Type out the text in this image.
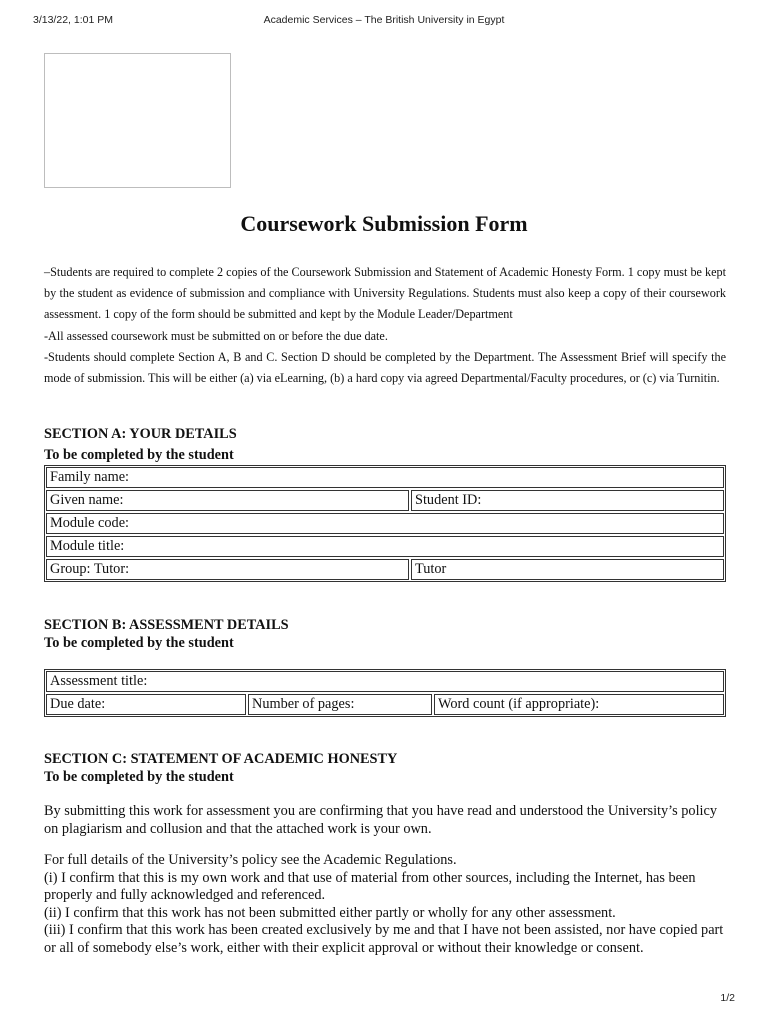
3/13/22, 1:01 PM	Academic Services – The British University in Egypt
Coursework Submission Form

–Students are required to complete 2 copies of the Coursework Submission and Statement of Academic Honesty Form. 1 copy must be kept by the student as evidence of submission and compliance with University Regulations. Students must also keep a copy of their coursework assessment. 1 copy of the form should be submitted and kept by the Module Leader/Department

-All assessed coursework must be submitted on or before the due date.

-Students should complete Section A, B and C. Section D should be completed by the Department. The Assessment Brief will specify the mode of submission. This will be either (a) via eLearning, (b) a hard copy via agreed Departmental/Faculty procedures, or (c) via Turnitin.

SECTION A: YOUR DETAILS
To be completed by the student
Family name:
Given name:	Student ID:
Module code:
Module title:
Group: Tutor:	Tutor
SECTION B: ASSESSMENT DETAILS
To be completed by the student
Assessment title:
Due date:	Number of pages:	Word count (if appropriate):
SECTION C: STATEMENT OF ACADEMIC HONESTY
To be completed by the student

By submitting this work for assessment you are confirming that you have read and understood the University’s policy on plagiarism and collusion and that the attached work is your own.

For full details of the University’s policy see the Academic Regulations.

(i) I confirm that this is my own work and that use of material from other sources, including the Internet, has been properly and fully acknowledged and referenced.

(ii) I confirm that this work has not been submitted either partly or wholly for any other assessment.

(iii) I confirm that this work has been created exclusively by me and that I have not been assisted, nor have copied part or all of somebody else’s work, either with their explicit approval or without their knowledge or consent.

1/2
